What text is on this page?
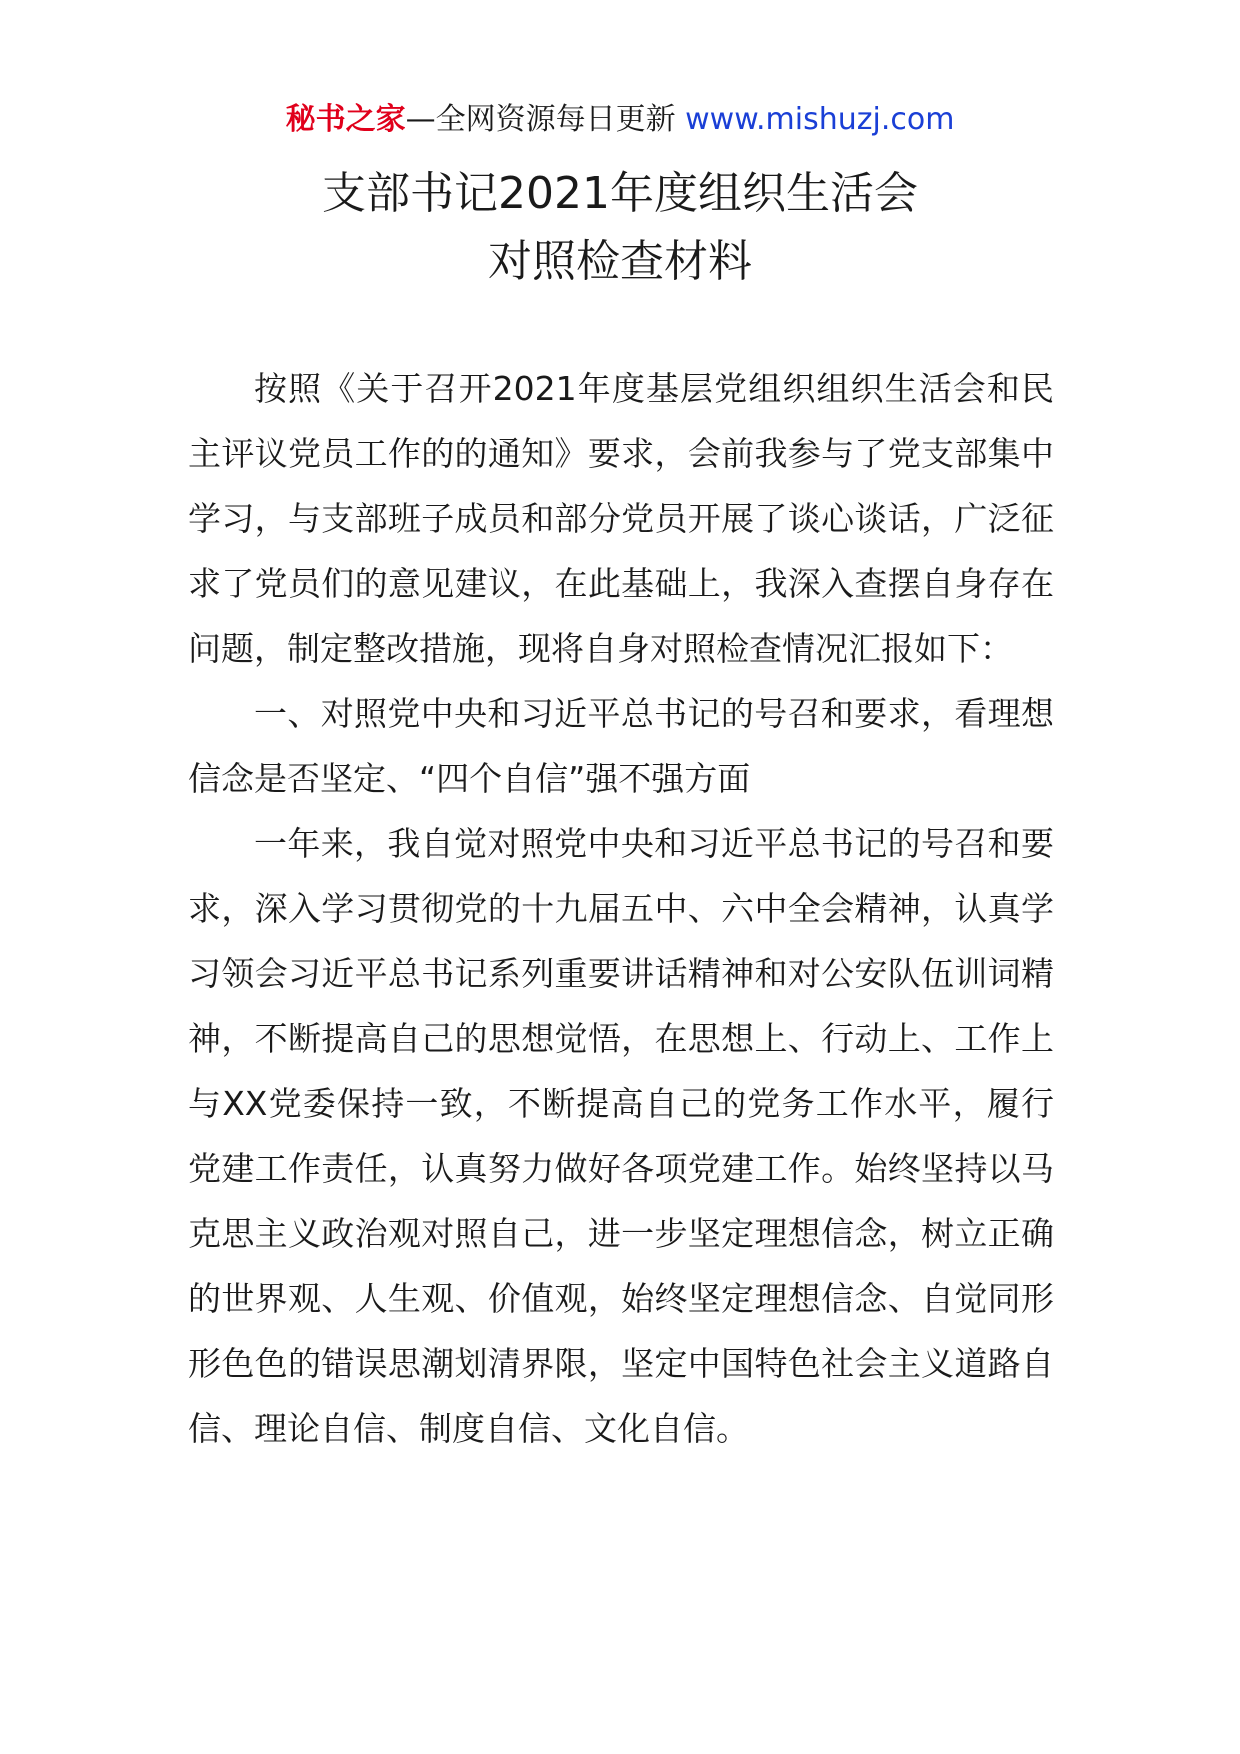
秘书之家—全网资源每日更新 www.mishuzj.com
支部书记2021年度组织生活会
对照检查材料

按照《关于召开2021年度基层党组织组织生活会和民主评议党员工作的的通知》要求，会前我参与了党支部集中学习，与支部班子成员和部分党员开展了谈心谈话，广泛征求了党员们的意见建议，在此基础上，我深入查摆自身存在问题，制定整改措施，现将自身对照检查情况汇报如下：

一、对照党中央和习近平总书记的号召和要求，看理想信念是否坚定、“四个自信”强不强方面

一年来，我自觉对照党中央和习近平总书记的号召和要求，深入学习贯彻党的十九届五中、六中全会精神，认真学习领会习近平总书记系列重要讲话精神和对公安队伍训词精神，不断提高自己的思想觉悟，在思想上、行动上、工作上与XX党委保持一致，不断提高自己的党务工作水平，履行党建工作责任，认真努力做好各项党建工作。始终坚持以马克思主义政治观对照自己，进一步坚定理想信念，树立正确的世界观、人生观、价值观，始终坚定理想信念、自觉同形形色色的错误思潮划清界限，坚定中国特色社会主义道路自信、理论自信、制度自信、文化自信。
